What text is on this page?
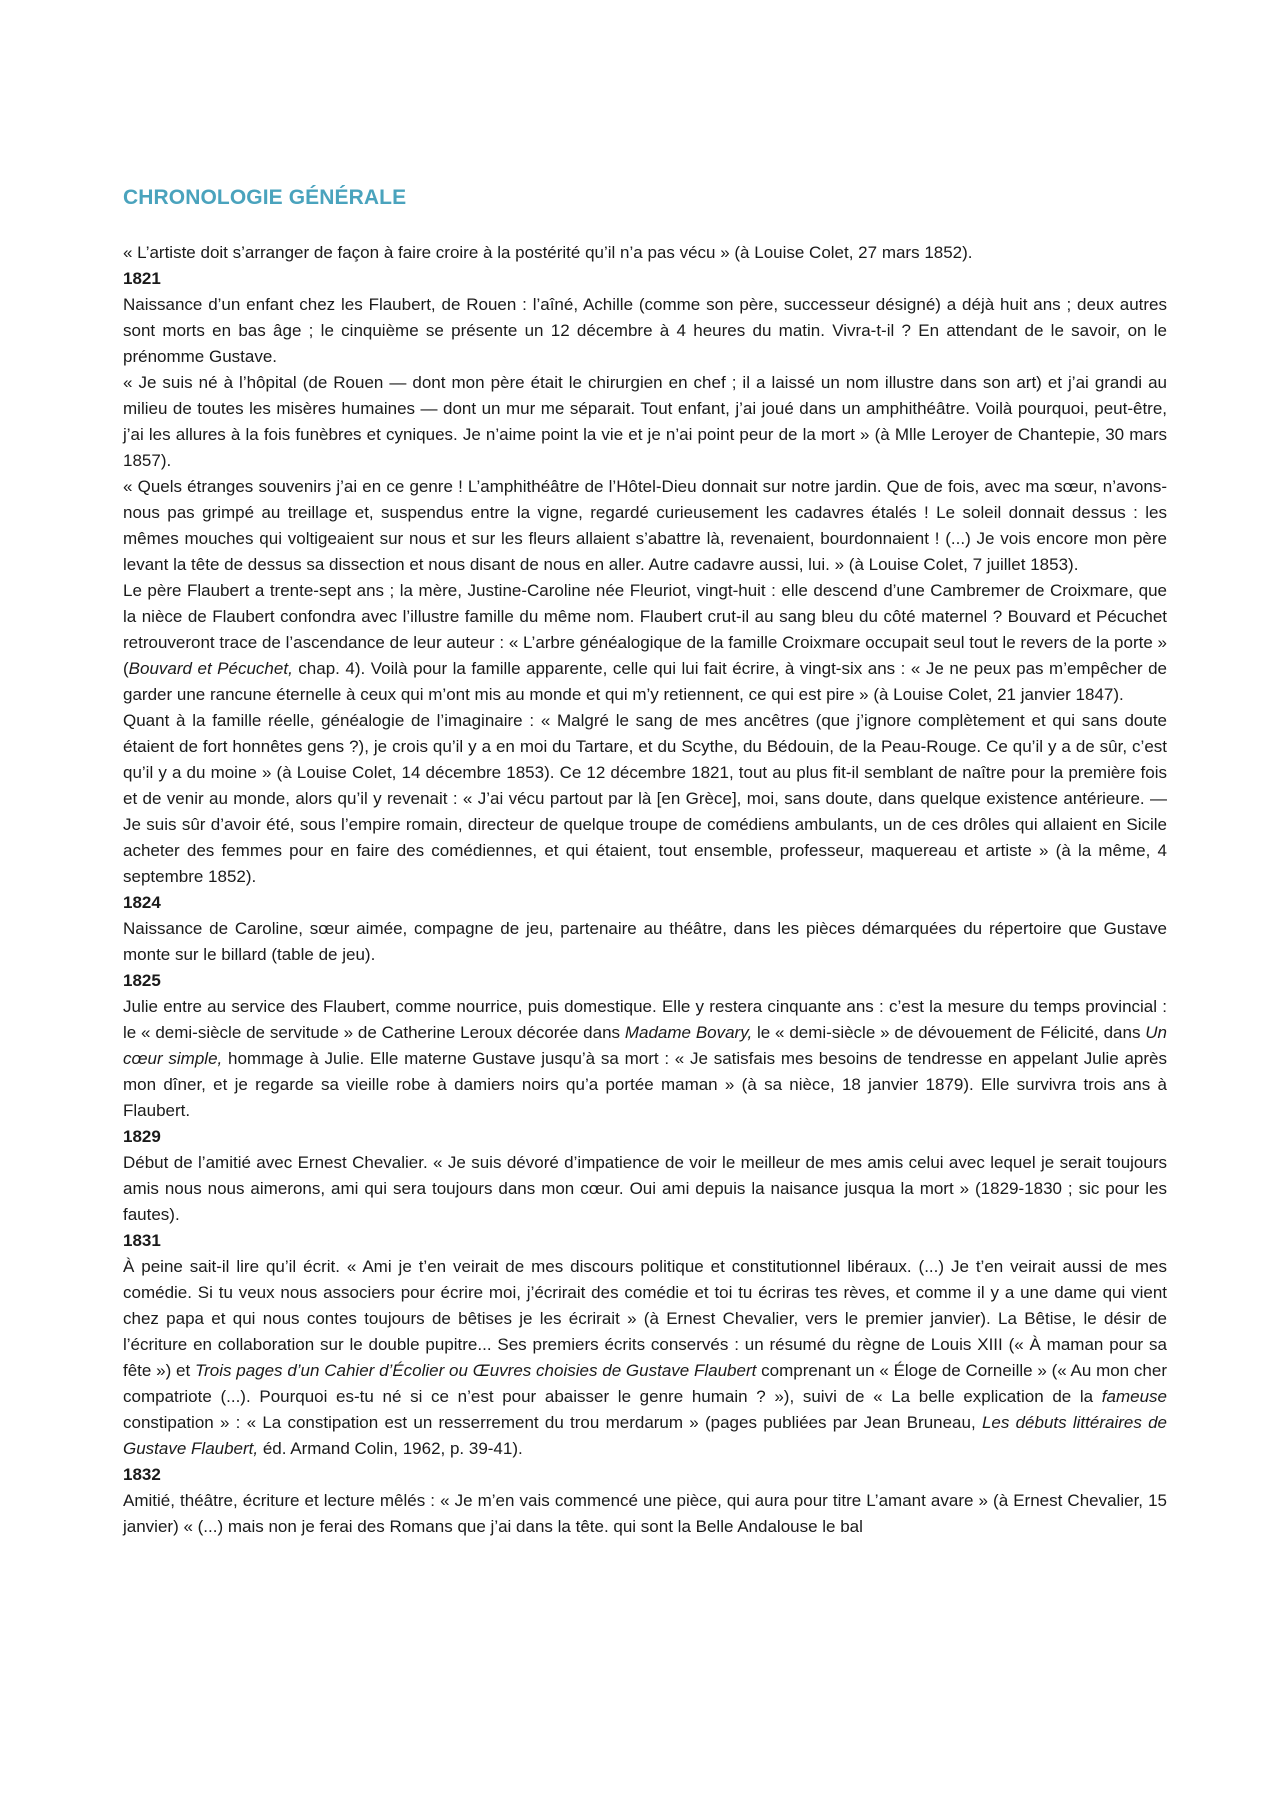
CHRONOLOGIE GÉNÉRALE

« L’artiste doit s’arranger de façon à faire croire à la postérité qu’il n’a pas vécu » (à Louise Colet, 27 mars 1852).

1821

Naissance d’un enfant chez les Flaubert, de Rouen : l’aîné, Achille (comme son père, successeur désigné) a déjà huit ans ; deux autres sont morts en bas âge ; le cinquième se présente un 12 décembre à 4 heures du matin. Vivra-t-il ? En attendant de le savoir, on le prénomme Gustave.

« Je suis né à l’hôpital (de Rouen — dont mon père était le chirurgien en chef ; il a laissé un nom illustre dans son art) et j’ai grandi au milieu de toutes les misères humaines — dont un mur me séparait. Tout enfant, j’ai joué dans un amphithéâtre. Voilà pourquoi, peut-être, j’ai les allures à la fois funèbres et cyniques. Je n’aime point la vie et je n’ai point peur de la mort » (à Mlle Leroyer de Chantepie, 30 mars 1857).

« Quels étranges souvenirs j’ai en ce genre ! L’amphithéâtre de l’Hôtel-Dieu donnait sur notre jardin. Que de fois, avec ma sœur, n’avons-nous pas grimpé au treillage et, suspendus entre la vigne, regardé curieusement les cadavres étalés ! Le soleil donnait dessus : les mêmes mouches qui voltigeaient sur nous et sur les fleurs allaient s’abattre là, revenaient, bourdonnaient ! (...) Je vois encore mon père levant la tête de dessus sa dissection et nous disant de nous en aller. Autre cadavre aussi, lui. » (à Louise Colet, 7 juillet 1853).

Le père Flaubert a trente-sept ans ; la mère, Justine-Caroline née Fleuriot, vingt-huit : elle descend d’une Cambremer de Croixmare, que la nièce de Flaubert confondra avec l’illustre famille du même nom. Flaubert crut-il au sang bleu du côté maternel ? Bouvard et Pécuchet retrouveront trace de l’ascendance de leur auteur : « L’arbre généalogique de la famille Croixmare occupait seul tout le revers de la porte » (Bouvard et Pécuchet, chap. 4). Voilà pour la famille apparente, celle qui lui fait écrire, à vingt-six ans : « Je ne peux pas m’empêcher de garder une rancune éternelle à ceux qui m’ont mis au monde et qui m’y retiennent, ce qui est pire » (à Louise Colet, 21 janvier 1847).

Quant à la famille réelle, généalogie de l’imaginaire : « Malgré le sang de mes ancêtres (que j’ignore complètement et qui sans doute étaient de fort honnêtes gens ?), je crois qu’il y a en moi du Tartare, et du Scythe, du Bédouin, de la Peau-Rouge. Ce qu’il y a de sûr, c’est qu’il y a du moine » (à Louise Colet, 14 décembre 1853). Ce 12 décembre 1821, tout au plus fit-il semblant de naître pour la première fois et de venir au monde, alors qu’il y revenait : « J’ai vécu partout par là [en Grèce], moi, sans doute, dans quelque existence antérieure. — Je suis sûr d’avoir été, sous l’empire romain, directeur de quelque troupe de comédiens ambulants, un de ces drôles qui allaient en Sicile acheter des femmes pour en faire des comédiennes, et qui étaient, tout ensemble, professeur, maquereau et artiste » (à la même, 4 septembre 1852).

1824

Naissance de Caroline, sœur aimée, compagne de jeu, partenaire au théâtre, dans les pièces démarquées du répertoire que Gustave monte sur le billard (table de jeu).

1825

Julie entre au service des Flaubert, comme nourrice, puis domestique. Elle y restera cinquante ans : c’est la mesure du temps provincial : le « demi-siècle de servitude » de Catherine Leroux décorée dans Madame Bovary, le « demi-siècle » de dévouement de Félicité, dans Un cœur simple, hommage à Julie. Elle materne Gustave jusqu’à sa mort : « Je satisfais mes besoins de tendresse en appelant Julie après mon dîner, et je regarde sa vieille robe à damiers noirs qu’a portée maman » (à sa nièce, 18 janvier 1879). Elle survivra trois ans à Flaubert.

1829

Début de l’amitié avec Ernest Chevalier. « Je suis dévoré d’impatience de voir le meilleur de mes amis celui avec lequel je serait toujours amis nous nous aimerons, ami qui sera toujours dans mon cœur. Oui ami depuis la naisance jusqua la mort » (1829-1830 ; sic pour les fautes).

1831

À peine sait-il lire qu’il écrit. « Ami je t’en veirait de mes discours politique et constitutionnel libéraux. (...) Je t’en veirait aussi de mes comédie. Si tu veux nous associers pour écrire moi, j’écrirait des comédie et toi tu écriras tes rèves, et comme il y a une dame qui vient chez papa et qui nous contes toujours de bêtises je les écrirait » (à Ernest Chevalier, vers le premier janvier). La Bêtise, le désir de l’écriture en collaboration sur le double pupitre... Ses premiers écrits conservés : un résumé du règne de Louis XIII (« À maman pour sa fête ») et Trois pages d’un Cahier d’Écolier ou Œuvres choisies de Gustave Flaubert comprenant un « Éloge de Corneille » (« Au mon cher compatriote (...). Pourquoi es-tu né si ce n’est pour abaisser le genre humain ? »), suivi de « La belle explication de la fameuse constipation » : « La constipation est un resserrement du trou merdarum » (pages publiées par Jean Bruneau, Les débuts littéraires de Gustave Flaubert, éd. Armand Colin, 1962, p. 39-41).

1832

Amitié, théâtre, écriture et lecture mêlés : « Je m’en vais commencé une pièce, qui aura pour titre L’amant avare » (à Ernest Chevalier, 15 janvier) « (...) mais non je ferai des Romans que j’ai dans la tête. qui sont la Belle Andalouse le bal
